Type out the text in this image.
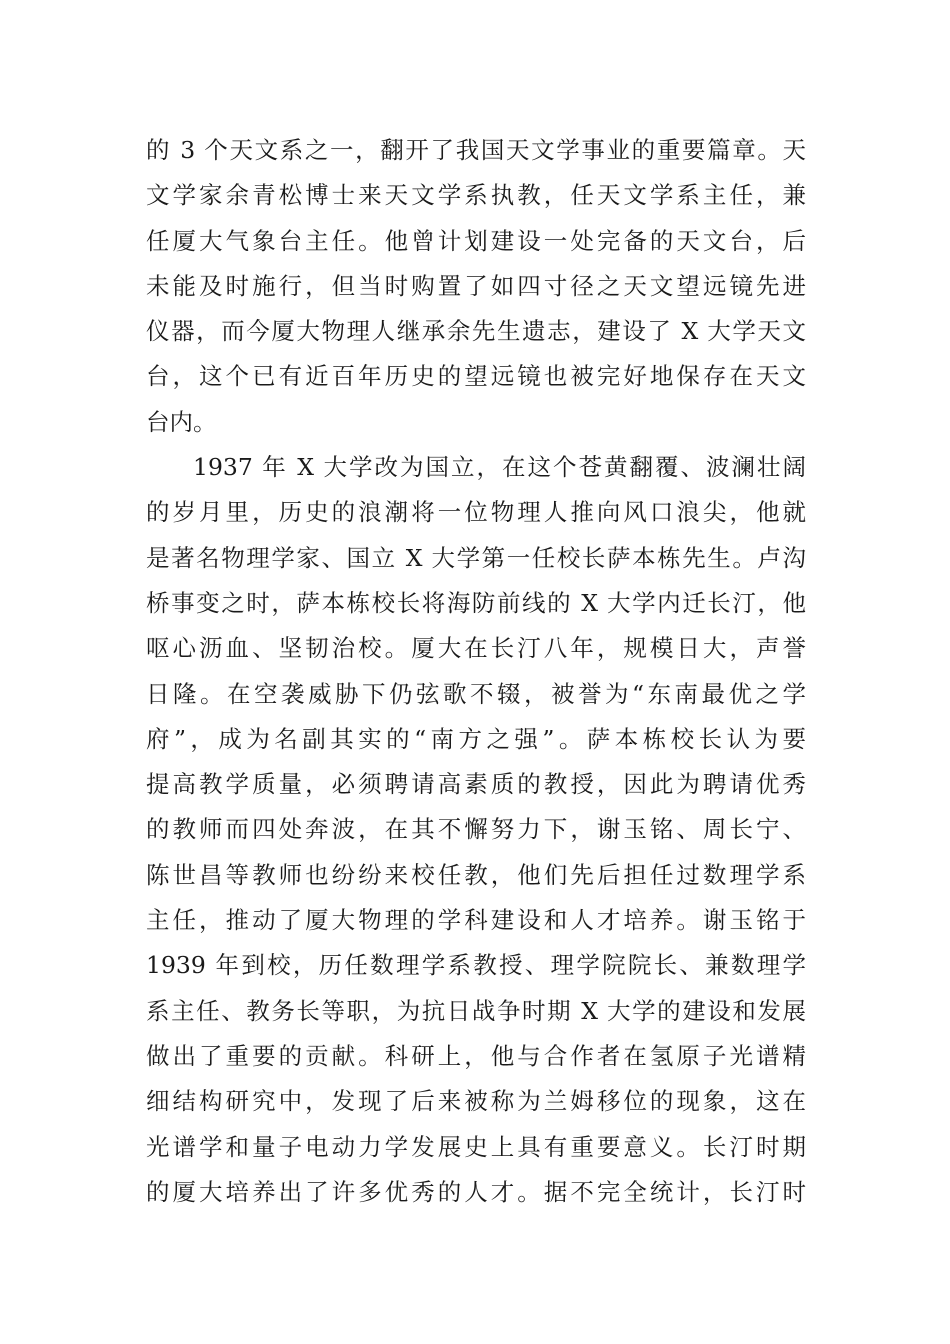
的 3 个天文系之一，翻开了我国天文学事业的重要篇章。天
文学家余青松博士来天文学系执教，任天文学系主任，兼
任厦大气象台主任。他曾计划建设一处完备的天文台，后
未能及时施行，但当时购置了如四寸径之天文望远镜先进
仪器，而今厦大物理人继承余先生遗志，建设了 X 大学天文
台，这个已有近百年历史的望远镜也被完好地保存在天文
台内。
1937 年 X 大学改为国立，在这个苍黄翻覆、波澜壮阔
的岁月里，历史的浪潮将一位物理人推向风口浪尖，他就
是著名物理学家、国立 X 大学第一任校长萨本栋先生。卢沟
桥事变之时，萨本栋校长将海防前线的 X 大学内迁长汀，他
呕心沥血、坚韧治校。厦大在长汀八年，规模日大，声誉
日隆。在空袭威胁下仍弦歌不辍，被誉为“东南最优之学
府”，成为名副其实的“南方之强”。萨本栋校长认为要
提高教学质量，必须聘请高素质的教授，因此为聘请优秀
的教师而四处奔波，在其不懈努力下，谢玉铭、周长宁、
陈世昌等教师也纷纷来校任教，他们先后担任过数理学系
主任，推动了厦大物理的学科建设和人才培养。谢玉铭于
1939 年到校，历任数理学系教授、理学院院长、兼数理学
系主任、教务长等职，为抗日战争时期 X 大学的建设和发展
做出了重要的贡献。科研上，他与合作者在氢原子光谱精
细结构研究中，发现了后来被称为兰姆移位的现象，这在
光谱学和量子电动力学发展史上具有重要意义。长汀时期
的厦大培养出了许多优秀的人才。据不完全统计，长汀时
